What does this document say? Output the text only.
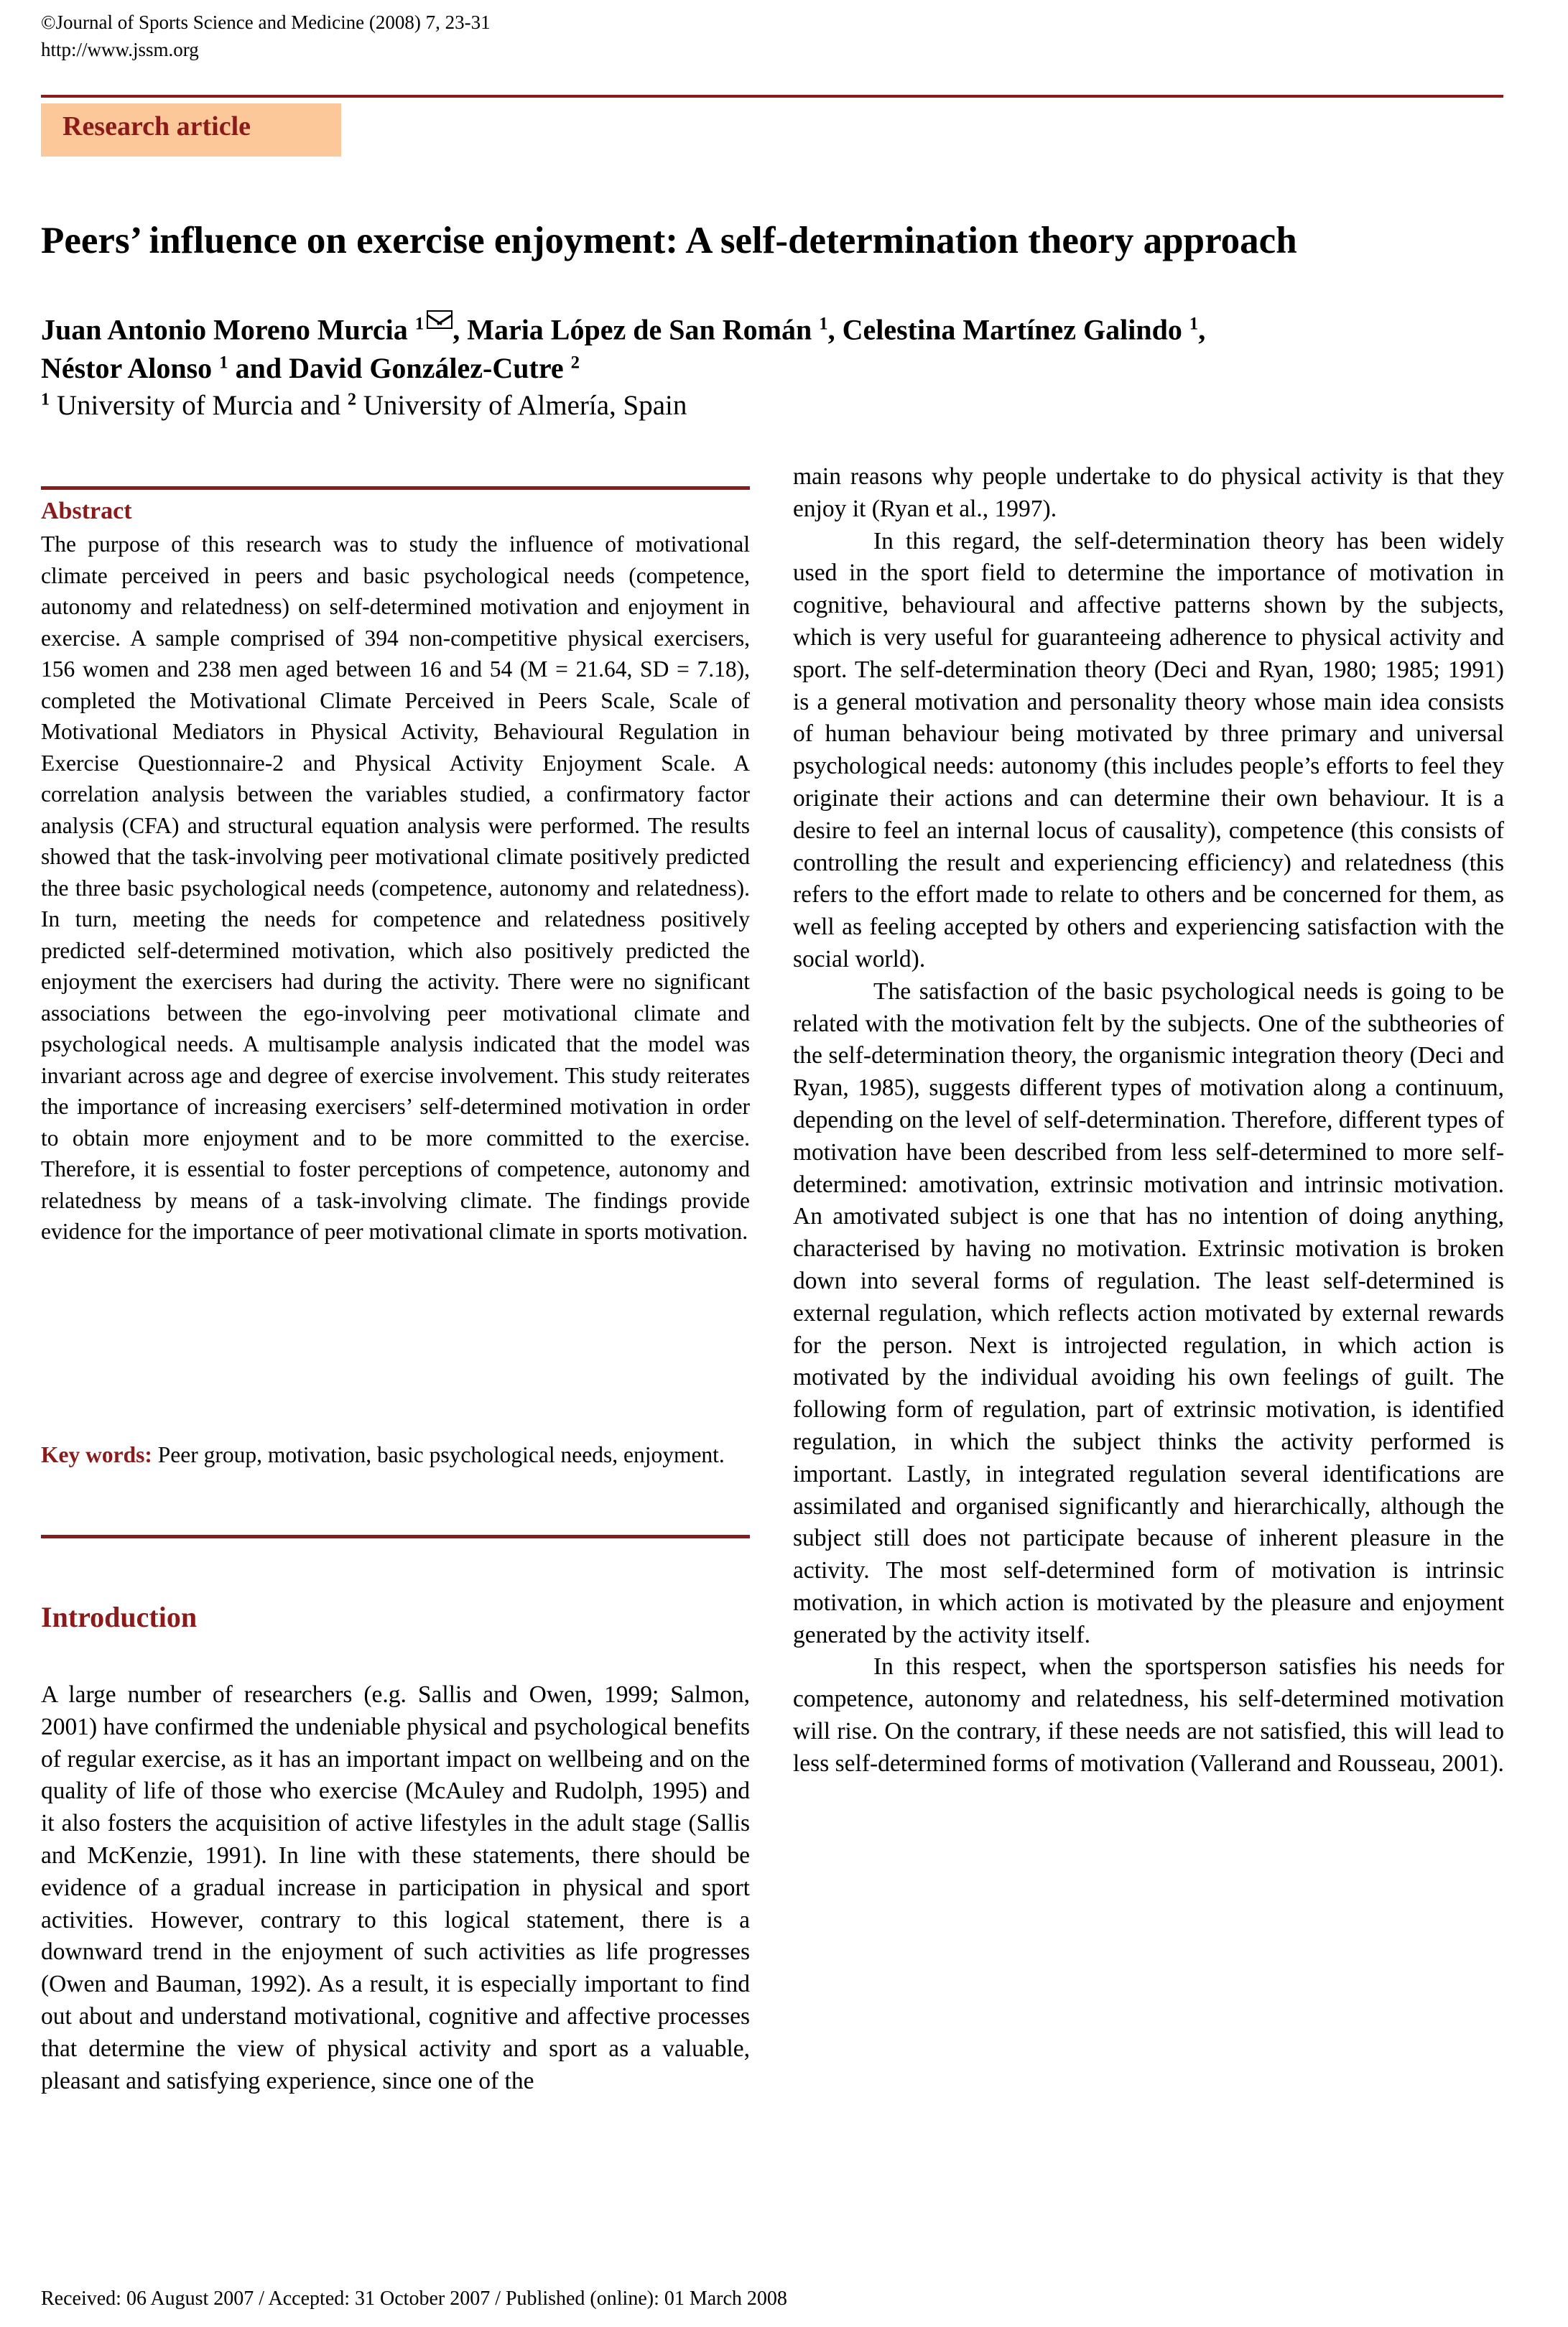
©Journal of Sports Science and Medicine (2008) 7, 23-31
http://www.jssm.org
Research article
Peers’ influence on exercise enjoyment: A self-determination theory approach
Juan Antonio Moreno Murcia $^1$ , Maria López de San Román $^1$, Celestina Martínez Galindo $^1$,
Néstor Alonso $^1$ and David González-Cutre $^2$
$^1$ University of Murcia and $^2$ University of Almería, Spain
Abstract

The purpose of this research was to study the influence of motivational climate perceived in peers and basic psychological needs (competence, autonomy and relatedness) on self-determined motivation and enjoyment in exercise. A sample comprised of 394 non-competitive physical exercisers, 156 women and 238 men aged between 16 and 54 (M = 21.64, SD = 7.18), completed the Motivational Climate Perceived in Peers Scale, Scale of Motivational Mediators in Physical Activity, Behavioural Regulation in Exercise Questionnaire-2 and Physical Activity Enjoyment Scale. A correlation analysis between the variables studied, a confirmatory factor analysis (CFA) and structural equation analysis were performed. The results showed that the task-involving peer motivational climate positively predicted the three basic psychological needs (competence, autonomy and relatedness). In turn, meeting the needs for competence and relatedness positively predicted self-determined motivation, which also positively predicted the enjoyment the exercisers had during the activity. There were no significant associations between the ego-involving peer motivational climate and psychological needs. A multisample analysis indicated that the model was invariant across age and degree of exercise involvement. This study reiterates the importance of increasing exercisers’ self-determined motivation in order to obtain more enjoyment and to be more committed to the exercise. Therefore, it is essential to foster perceptions of competence, autonomy and relatedness by means of a task-involving climate. The findings provide evidence for the importance of peer motivational climate in sports motivation.

Key words: Peer group, motivation, basic psychological needs, enjoyment.

Introduction

A large number of researchers (e.g. Sallis and Owen, 1999; Salmon, 2001) have confirmed the undeniable physical and psychological benefits of regular exercise, as it has an important impact on wellbeing and on the quality of life of those who exercise (McAuley and Rudolph, 1995) and it also fosters the acquisition of active lifestyles in the adult stage (Sallis and McKenzie, 1991). In line with these statements, there should be evidence of a gradual increase in participation in physical and sport activities. However, contrary to this logical statement, there is a downward trend in the enjoyment of such activities as life progresses (Owen and Bauman, 1992). As a result, it is especially important to find out about and understand motivational, cognitive and affective processes that determine the view of physical activity and sport as a valuable, pleasant and satisfying experience, since one of the

main reasons why people undertake to do physical activity is that they enjoy it (Ryan et al., 1997).

In this regard, the self-determination theory has been widely used in the sport field to determine the importance of motivation in cognitive, behavioural and affective patterns shown by the subjects, which is very useful for guaranteeing adherence to physical activity and sport. The self-determination theory (Deci and Ryan, 1980; 1985; 1991) is a general motivation and personality theory whose main idea consists of human behaviour being motivated by three primary and universal psychological needs: autonomy (this includes people’s efforts to feel they originate their actions and can determine their own behaviour. It is a desire to feel an internal locus of causality), competence (this consists of controlling the result and experiencing efficiency) and relatedness (this refers to the effort made to relate to others and be concerned for them, as well as feeling accepted by others and experiencing satisfaction with the social world).

The satisfaction of the basic psychological needs is going to be related with the motivation felt by the subjects. One of the subtheories of the self-determination theory, the organismic integration theory (Deci and Ryan, 1985), suggests different types of motivation along a continuum, depending on the level of self-determination. Therefore, different types of motivation have been described from less self-determined to more self-determined: amotivation, extrinsic motivation and intrinsic motivation. An amotivated subject is one that has no intention of doing anything, characterised by having no motivation. Extrinsic motivation is broken down into several forms of regulation. The least self-determined is external regulation, which reflects action motivated by external rewards for the person. Next is introjected regulation, in which action is motivated by the individual avoiding his own feelings of guilt. The following form of regulation, part of extrinsic motivation, is identified regulation, in which the subject thinks the activity performed is important. Lastly, in integrated regulation several identifications are assimilated and organised significantly and hierarchically, although the subject still does not participate because of inherent pleasure in the activity. The most self-determined form of motivation is intrinsic motivation, in which action is motivated by the pleasure and enjoyment generated by the activity itself.

In this respect, when the sportsperson satisfies his needs for competence, autonomy and relatedness, his self-determined motivation will rise. On the contrary, if these needs are not satisfied, this will lead to less self-determined forms of motivation (Vallerand and Rousseau, 2001).

Received: 06 August 2007 / Accepted: 31 October 2007 / Published (online): 01 March 2008
